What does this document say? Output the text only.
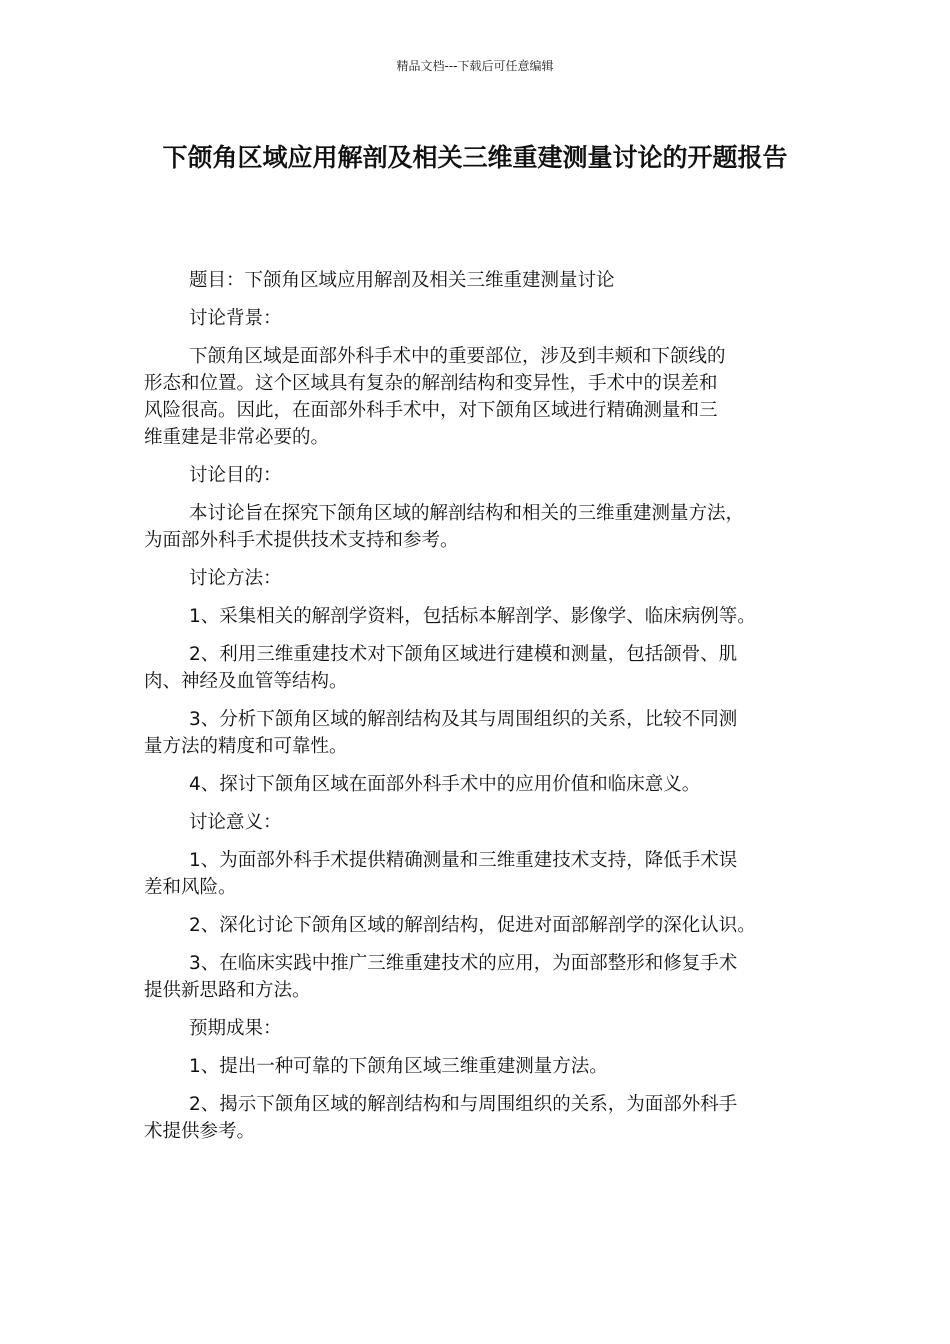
精品文档---下载后可任意编辑
下颌角区域应用解剖及相关三维重建测量讨论的开题报告

题目：下颌角区域应用解剖及相关三维重建测量讨论

讨论背景：

下颌角区域是面部外科手术中的重要部位，涉及到丰颊和下颌线的
形态和位置。这个区域具有复杂的解剖结构和变异性，手术中的误差和
风险很高。因此，在面部外科手术中，对下颌角区域进行精确测量和三
维重建是非常必要的。

讨论目的：

本讨论旨在探究下颌角区域的解剖结构和相关的三维重建测量方法，
为面部外科手术提供技术支持和参考。

讨论方法：

1、采集相关的解剖学资料，包括标本解剖学、影像学、临床病例等。

2、利用三维重建技术对下颌角区域进行建模和测量，包括颌骨、肌
肉、神经及血管等结构。

3、分析下颌角区域的解剖结构及其与周围组织的关系，比较不同测
量方法的精度和可靠性。

4、探讨下颌角区域在面部外科手术中的应用价值和临床意义。

讨论意义：

1、为面部外科手术提供精确测量和三维重建技术支持，降低手术误
差和风险。

2、深化讨论下颌角区域的解剖结构，促进对面部解剖学的深化认识。

3、在临床实践中推广三维重建技术的应用，为面部整形和修复手术
提供新思路和方法。

预期成果：

1、提出一种可靠的下颌角区域三维重建测量方法。

2、揭示下颌角区域的解剖结构和与周围组织的关系，为面部外科手
术提供参考。
